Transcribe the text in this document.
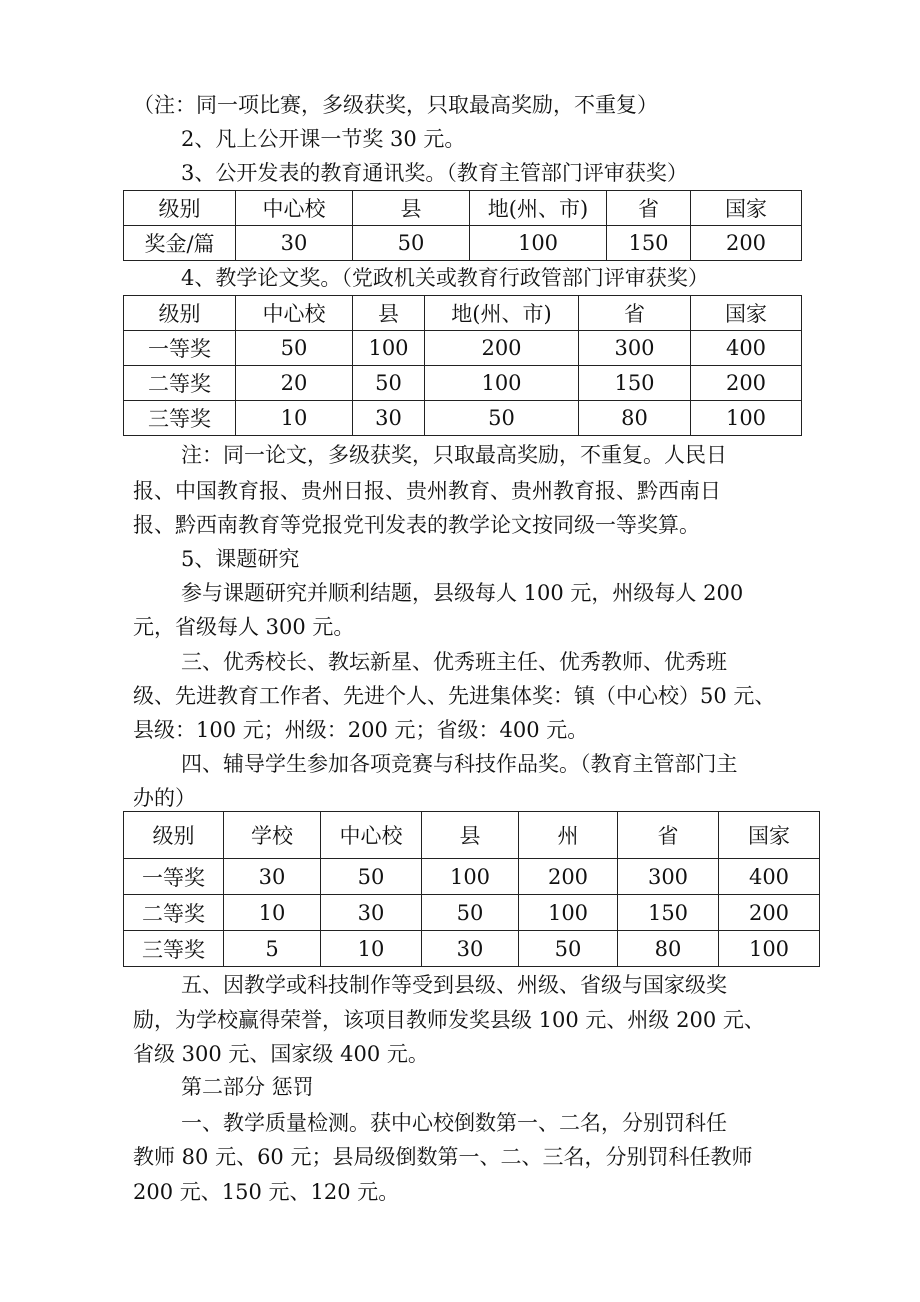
（注：同一项比赛，多级获奖，只取最高奖励，不重复）
2、凡上公开课一节奖 30 元。
3、公开发表的教育通讯奖。（教育主管部门评审获奖）
级别	中心校	县	地(州、市)	省	国家
奖金/篇	30	50	100	150	200
4、教学论文奖。（党政机关或教育行政管部门评审获奖）
级别	中心校	县	地(州、市)	省	国家
一等奖	50	100	200	300	400
二等奖	20	50	100	150	200
三等奖	10	30	50	80	100
注：同一论文，多级获奖，只取最高奖励，不重复。人民日
报、中国教育报、贵州日报、贵州教育、贵州教育报、黔西南日
报、黔西南教育等党报党刊发表的教学论文按同级一等奖算。
5、课题研究
参与课题研究并顺利结题，县级每人 100 元，州级每人 200
元，省级每人 300 元。
三、优秀校长、教坛新星、优秀班主任、优秀教师、优秀班
级、先进教育工作者、先进个人、先进集体奖：镇（中心校）50 元、
县级：100 元；州级：200 元；省级：400 元。
四、辅导学生参加各项竞赛与科技作品奖。（教育主管部门主
办的）
级别	学校	中心校	县	州	省	国家
一等奖	30	50	100	200	300	400
二等奖	10	30	50	100	150	200
三等奖	5	10	30	50	80	100
五、因教学或科技制作等受到县级、州级、省级与国家级奖
励，为学校赢得荣誉，该项目教师发奖县级 100 元、州级 200 元、
省级 300 元、国家级 400 元。
第二部分 惩罚
一、教学质量检测。获中心校倒数第一、二名，分别罚科任
教师 80 元、60 元；县局级倒数第一、二、三名，分别罚科任教师
200 元、150 元、120 元。
